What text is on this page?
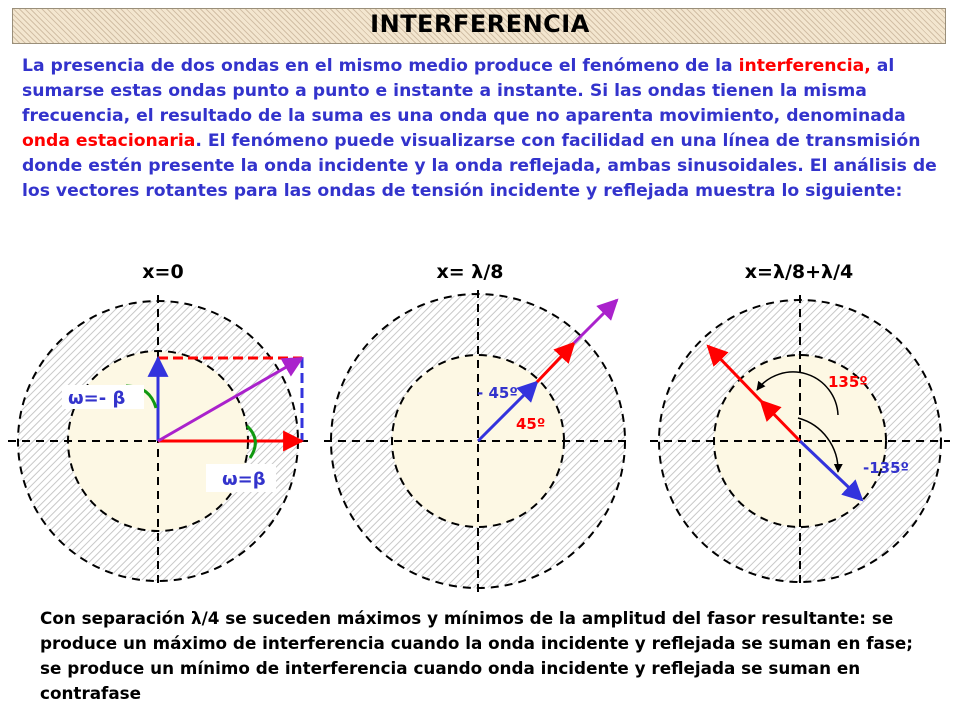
INTERFERENCIA

La presencia de dos ondas en el mismo medio produce el fenómeno de la interferencia, al sumarse estas ondas punto a punto e instante a instante. Si las ondas tienen la misma frecuencia, el resultado de la suma es una onda que no aparenta movimiento, denominada onda estacionaria. El fenómeno puede visualizarse con facilidad en una línea de transmisión donde estén presente la onda incidente y la onda reflejada, ambas sinusoidales. El análisis de los vectores rotantes para las ondas de tensión incidente y reflejada muestra lo siguiente:

ω=- β
ω=β
x=0
- 45º
45º
x= λ/8
135º
-135º
x=λ/8+λ/4

Con separación λ/4 se suceden máximos y mínimos de la amplitud del fasor resultante: se produce un máximo de interferencia cuando la onda incidente y reflejada se suman en fase; se produce un mínimo de interferencia cuando onda incidente y reflejada se suman en contrafase
